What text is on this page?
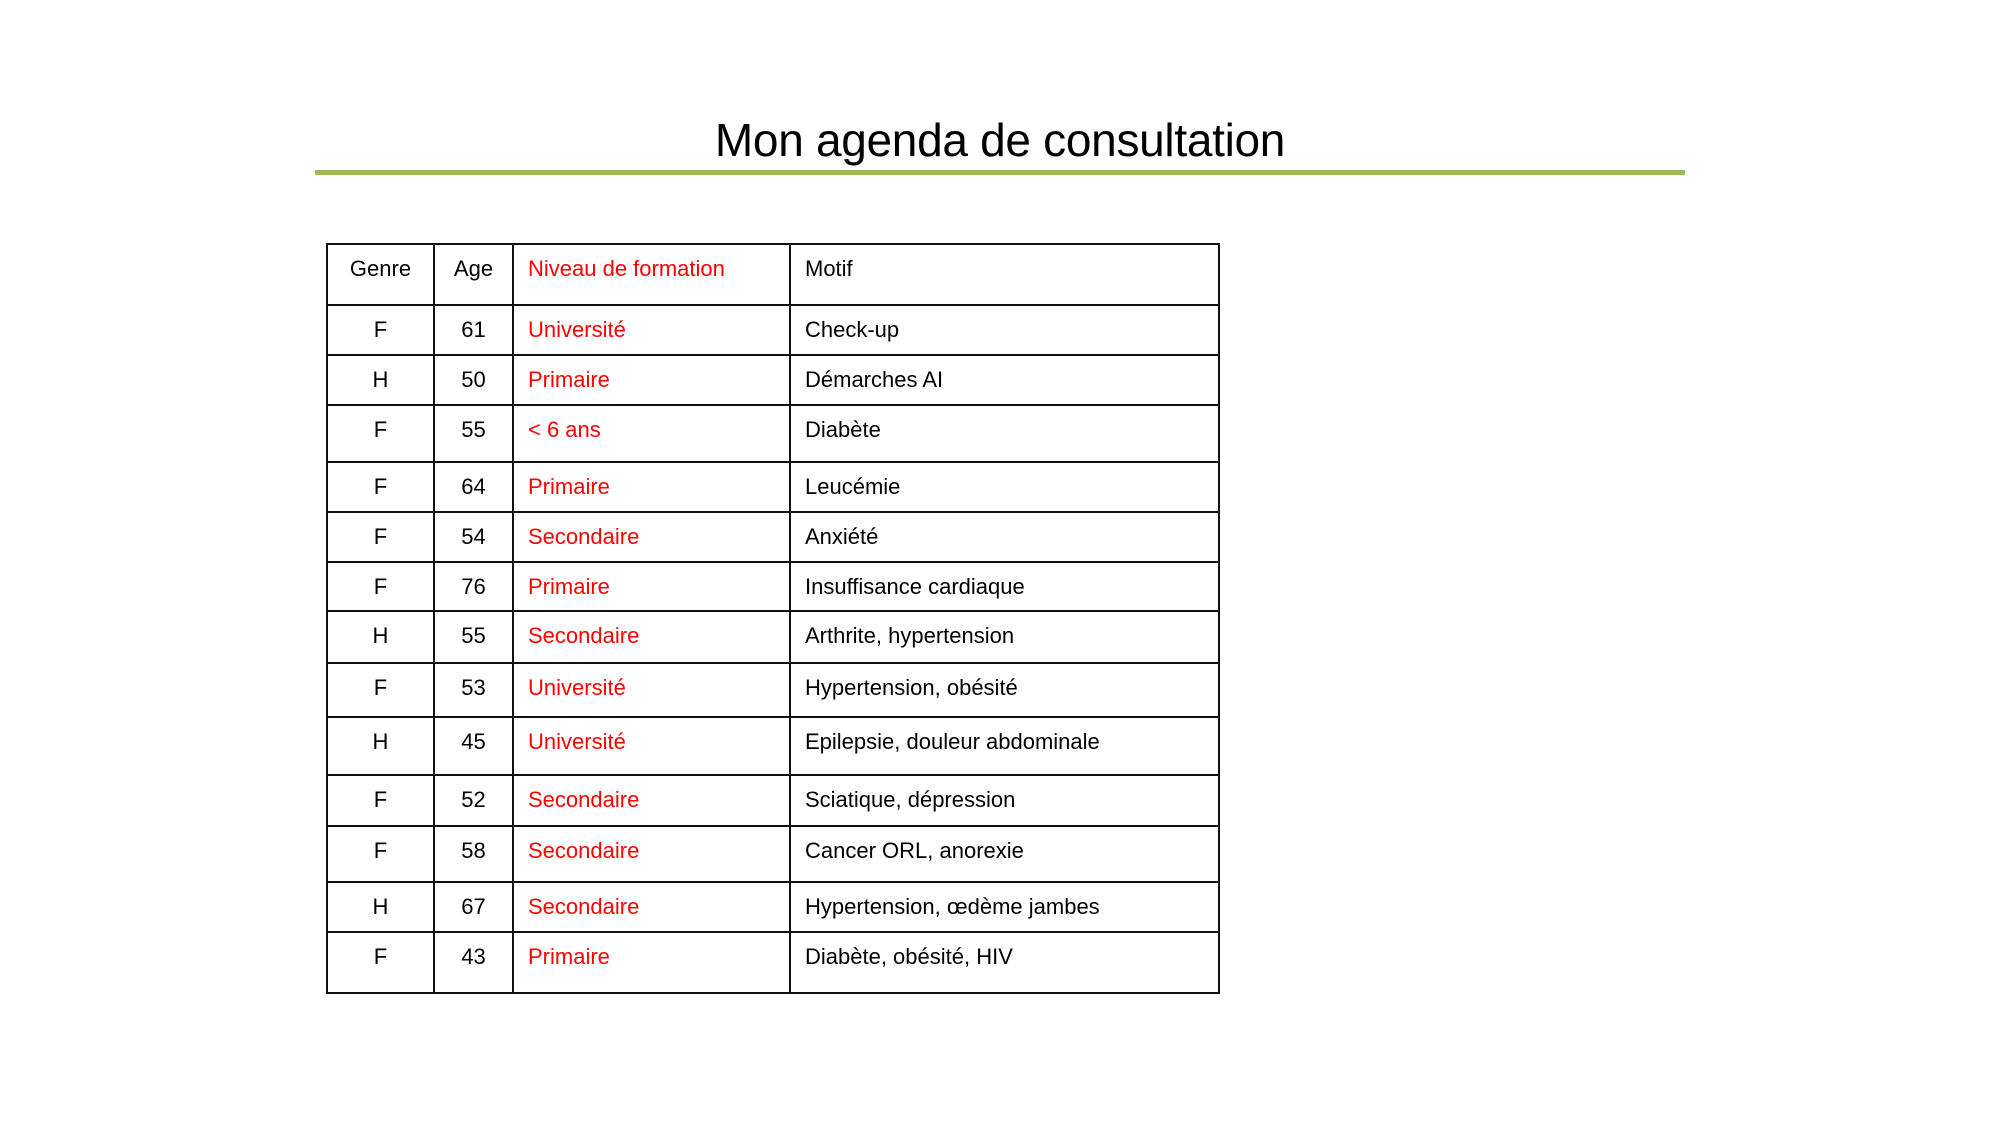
Mon agenda de consultation
Genre	Age	Niveau de formation	Motif
F	61	Université	Check-up
H	50	Primaire	Démarches AI
F	55	< 6 ans	Diabète
F	64	Primaire	Leucémie
F	54	Secondaire	Anxiété
F	76	Primaire	Insuffisance cardiaque
H	55	Secondaire	Arthrite, hypertension
F	53	Université	Hypertension, obésité
H	45	Université	Epilepsie, douleur abdominale
F	52	Secondaire	Sciatique, dépression
F	58	Secondaire	Cancer ORL, anorexie
H	67	Secondaire	Hypertension, œdème jambes
F	43	Primaire	Diabète, obésité, HIV
